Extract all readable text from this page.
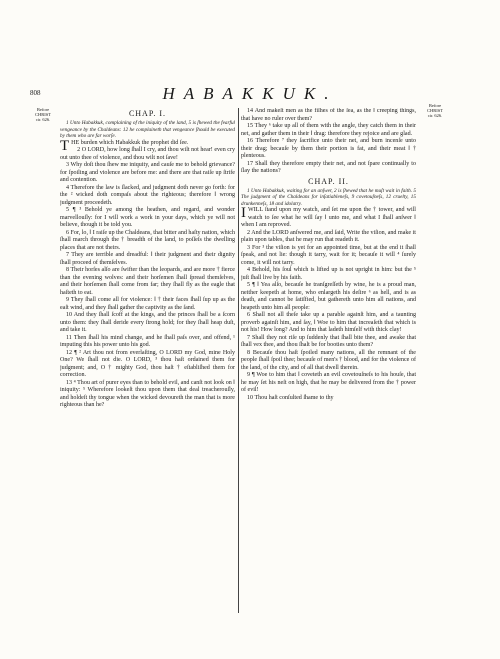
808	HABAKKUK.
Before
CHRIST
cir. 626.
Before
CHRIST
cir. 626.
CHAP. I.

1 Unto Habakkuk, complaining of the iniquity of the land, 5 is ſhewed the fearful vengeance by the Chaldeans: 12 he complaineth that vengeance ſhould be executed by them who are far worſe.

THE burden which Habakkuk the prophet did ſee.

2 O LORD, how long ſhall I cry, and thou wilt not hear! even cry out unto thee of violence, and thou wilt not ſave!

3 Why doſt thou ſhew me iniquity, and cauſe me to behold grievance? for ſpoiling and violence are before me: and there are that raiſe up ſtrife and contention.

4 Therefore the law is ſlacked, and judgment doth never go forth: for the ² wicked doth compaſs about the righteous; therefore ‖ wrong judgment proceedeth.

5 ¶ ³ Behold ye among the heathen, and regard, and wonder marvellouſly: for I will work a work in your days, which ye will not believe, though it be told you.

6 For, lo, ‖ I raiſe up the Chaldeans, that bitter and haſty nation, which ſhall march through the † breadth of the land, to poſſeſs the dwelling places that are not theirs.

7 They are terrible and dreadful: ‖ their judgment and their dignity ſhall proceed of themſelves.

8 Their horſes alſo are ſwifter than the leopards, and are more † fierce than the evening wolves: and their horſemen ſhall ſpread themſelves, and their horſemen ſhall come from far; they ſhall fly as the eagle that haſteth to eat.

9 They ſhall come all for violence: ‖ † their faces ſhall ſup up as the eaſt wind, and they ſhall gather the captivity as the ſand.

10 And they ſhall ſcoff at the kings, and the princes ſhall be a ſcorn unto them: they ſhall deride every ſtrong hold; for they ſhall heap duſt, and take it.

11 Then ſhall his mind change, and he ſhall paſs over, and offend, ¹ imputing this his power unto his god.

12 ¶ ² Art thou not from everlaſting, O LORD my God, mine Holy One? We ſhall not die. O LORD, ³ thou haſt ordained them for judgment; and, O † mighty God, thou haſt † eſtabliſhed them for correction.

13 ⁴ Thou art of purer eyes than to behold evil, and canſt not look on ‖ iniquity: ⁵ Wherefore lookeſt thou upon them that deal treacherouſly, and holdeſt thy tongue when the wicked devoureth the man that is more righteous than he?

14 And makeſt men as the fiſhes of the ſea, as the ‖ creeping things, that have no ruler over them?

15 They ⁶ take up all of them with the angle, they catch them in their net, and gather them in their ‖ drag: therefore they rejoice and are glad.

16 Therefore ⁷ they ſacrifice unto their net, and burn incenſe unto their drag; becauſe by them their portion is fat, and their meat ‖ † plenteous.

17 Shall they therefore empty their net, and not ſpare continually to ſlay the nations?

CHAP. II.

1 Unto Habakkuk, waiting for an anſwer, 2 is ſhewed that he muſt wait in faith. 5 The judgment of the Chaldeans for inſatiableneſs, 9 covetouſneſs, 12 cruelty, 15 drunkenneſs, 18 and idolatry.

IWILL ſtand upon my watch, and ſet me upon the † tower, and will watch to ſee what he will ſay ‖ unto me, and what I ſhall anſwer ‖ when I am reproved.

2 And the LORD anſwered me, and ſaid, Write the viſion, and make it plain upon tables, that he may run that readeth it.

3 For ³ the viſion is yet for an appointed time, but at the end it ſhall ſpeak, and not lie: though it tarry, wait for it; becauſe it will ⁴ ſurely come, it will not tarry.

4 Behold, his ſoul which is lifted up is not upright in him: but the ⁵ juſt ſhall live by his faith.

5 ¶ ‖ Yea alſo, becauſe he tranſgreſſeth by wine, he is a proud man, neither keepeth at home, who enlargeth his deſire ⁶ as hell, and is as death, and cannot be ſatiſfied, but gathereth unto him all nations, and heapeth unto him all people:

6 Shall not all theſe take up a parable againſt him, and a taunting proverb againſt him, and ſay, ‖ Woe to him that increaſeth that which is not his! How long? And to him that ladeth himſelf with thick clay!

7 Shall they not riſe up ſuddenly that ſhall bite thee, and awake that ſhall vex thee, and thou ſhalt be for booties unto them?

8 Becauſe thou haſt ſpoiled many nations, all the remnant of the people ſhall ſpoil thee; becauſe of men's † blood, and for the violence of the land, of the city, and of all that dwell therein.

9 ¶ Woe to him that ‖ coveteth an evil covetouſneſs to his houſe, that he may ſet his neſt on high, that he may be delivered from the † power of evil!

10 Thou haſt conſulted ſhame to thy
